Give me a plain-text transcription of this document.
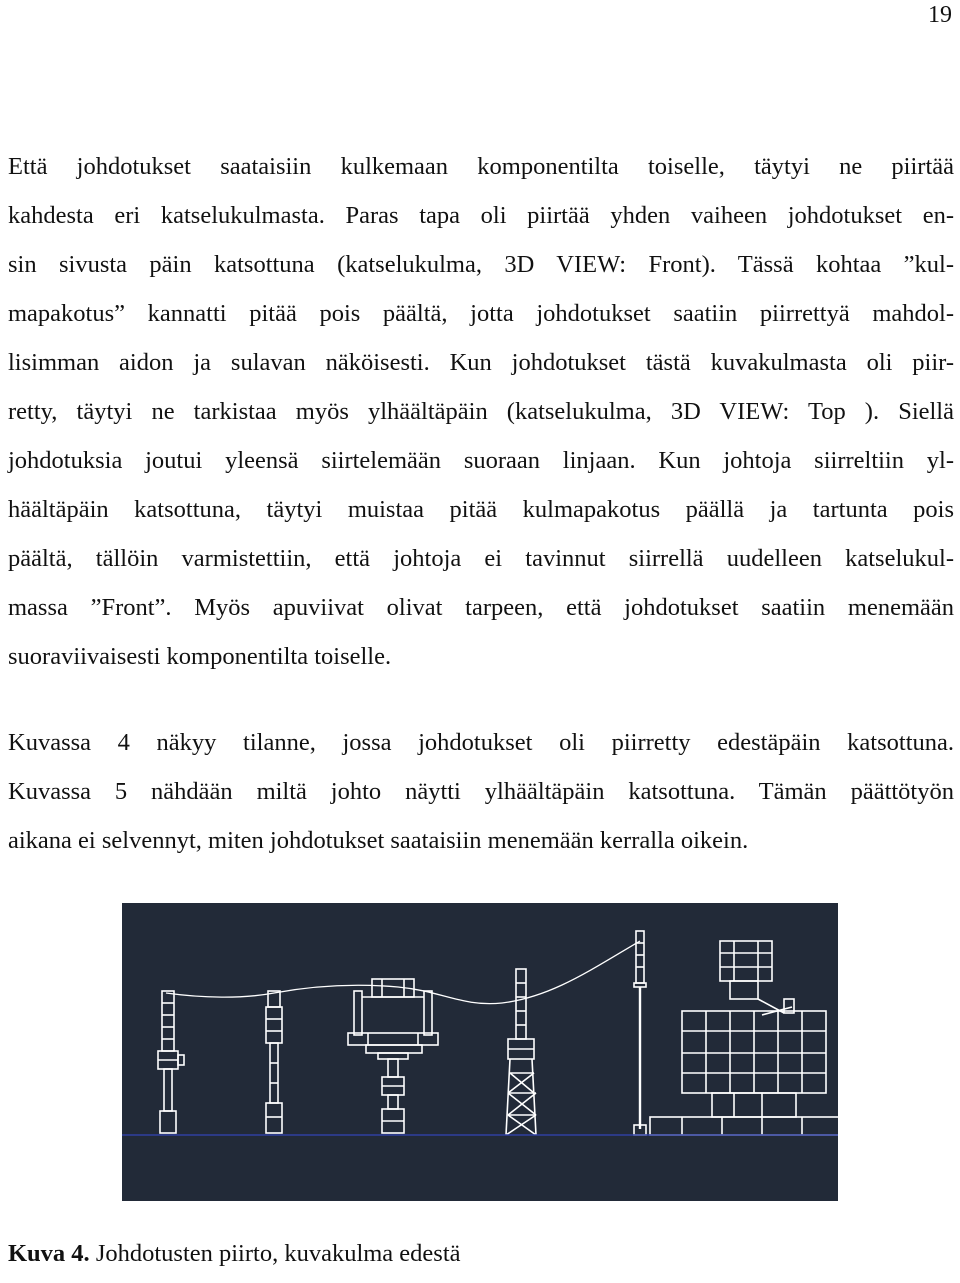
19
Että johdotukset saataisiin kulkemaan komponentilta toiselle, täytyi ne piirtää
kahdesta eri katselukulmasta. Paras tapa oli piirtää yhden vaiheen johdotukset en-
sin sivusta päin katsottuna (katselukulma, 3D VIEW: Front). Tässä kohtaa ”kul-
mapakotus” kannatti pitää pois päältä, jotta johdotukset saatiin piirrettyä mahdol-
lisimman aidon ja sulavan näköisesti. Kun johdotukset tästä kuvakulmasta oli piir-
retty, täytyi ne tarkistaa myös ylhäältäpäin (katselukulma, 3D VIEW: Top ). Siellä
johdotuksia joutui yleensä siirtelemään suoraan linjaan. Kun johtoja siirreltiin yl-
häältäpäin katsottuna, täytyi muistaa pitää kulmapakotus päällä ja tartunta pois
päältä, tällöin varmistettiin, että johtoja ei tavinnut siirrellä uudelleen katselukul-
massa ”Front”. Myös apuviivat olivat tarpeen, että johdotukset saatiin menemään
suoraviivaisesti komponentilta toiselle.
Kuvassa 4 näkyy tilanne, jossa johdotukset oli piirretty edestäpäin katsottuna.
Kuvassa 5 nähdään miltä johto näytti ylhäältäpäin katsottuna. Tämän päättötyön
aikana ei selvennyt, miten johdotukset saataisiin menemään kerralla oikein.
Kuva 4. Johdotusten piirto, kuvakulma edestä
